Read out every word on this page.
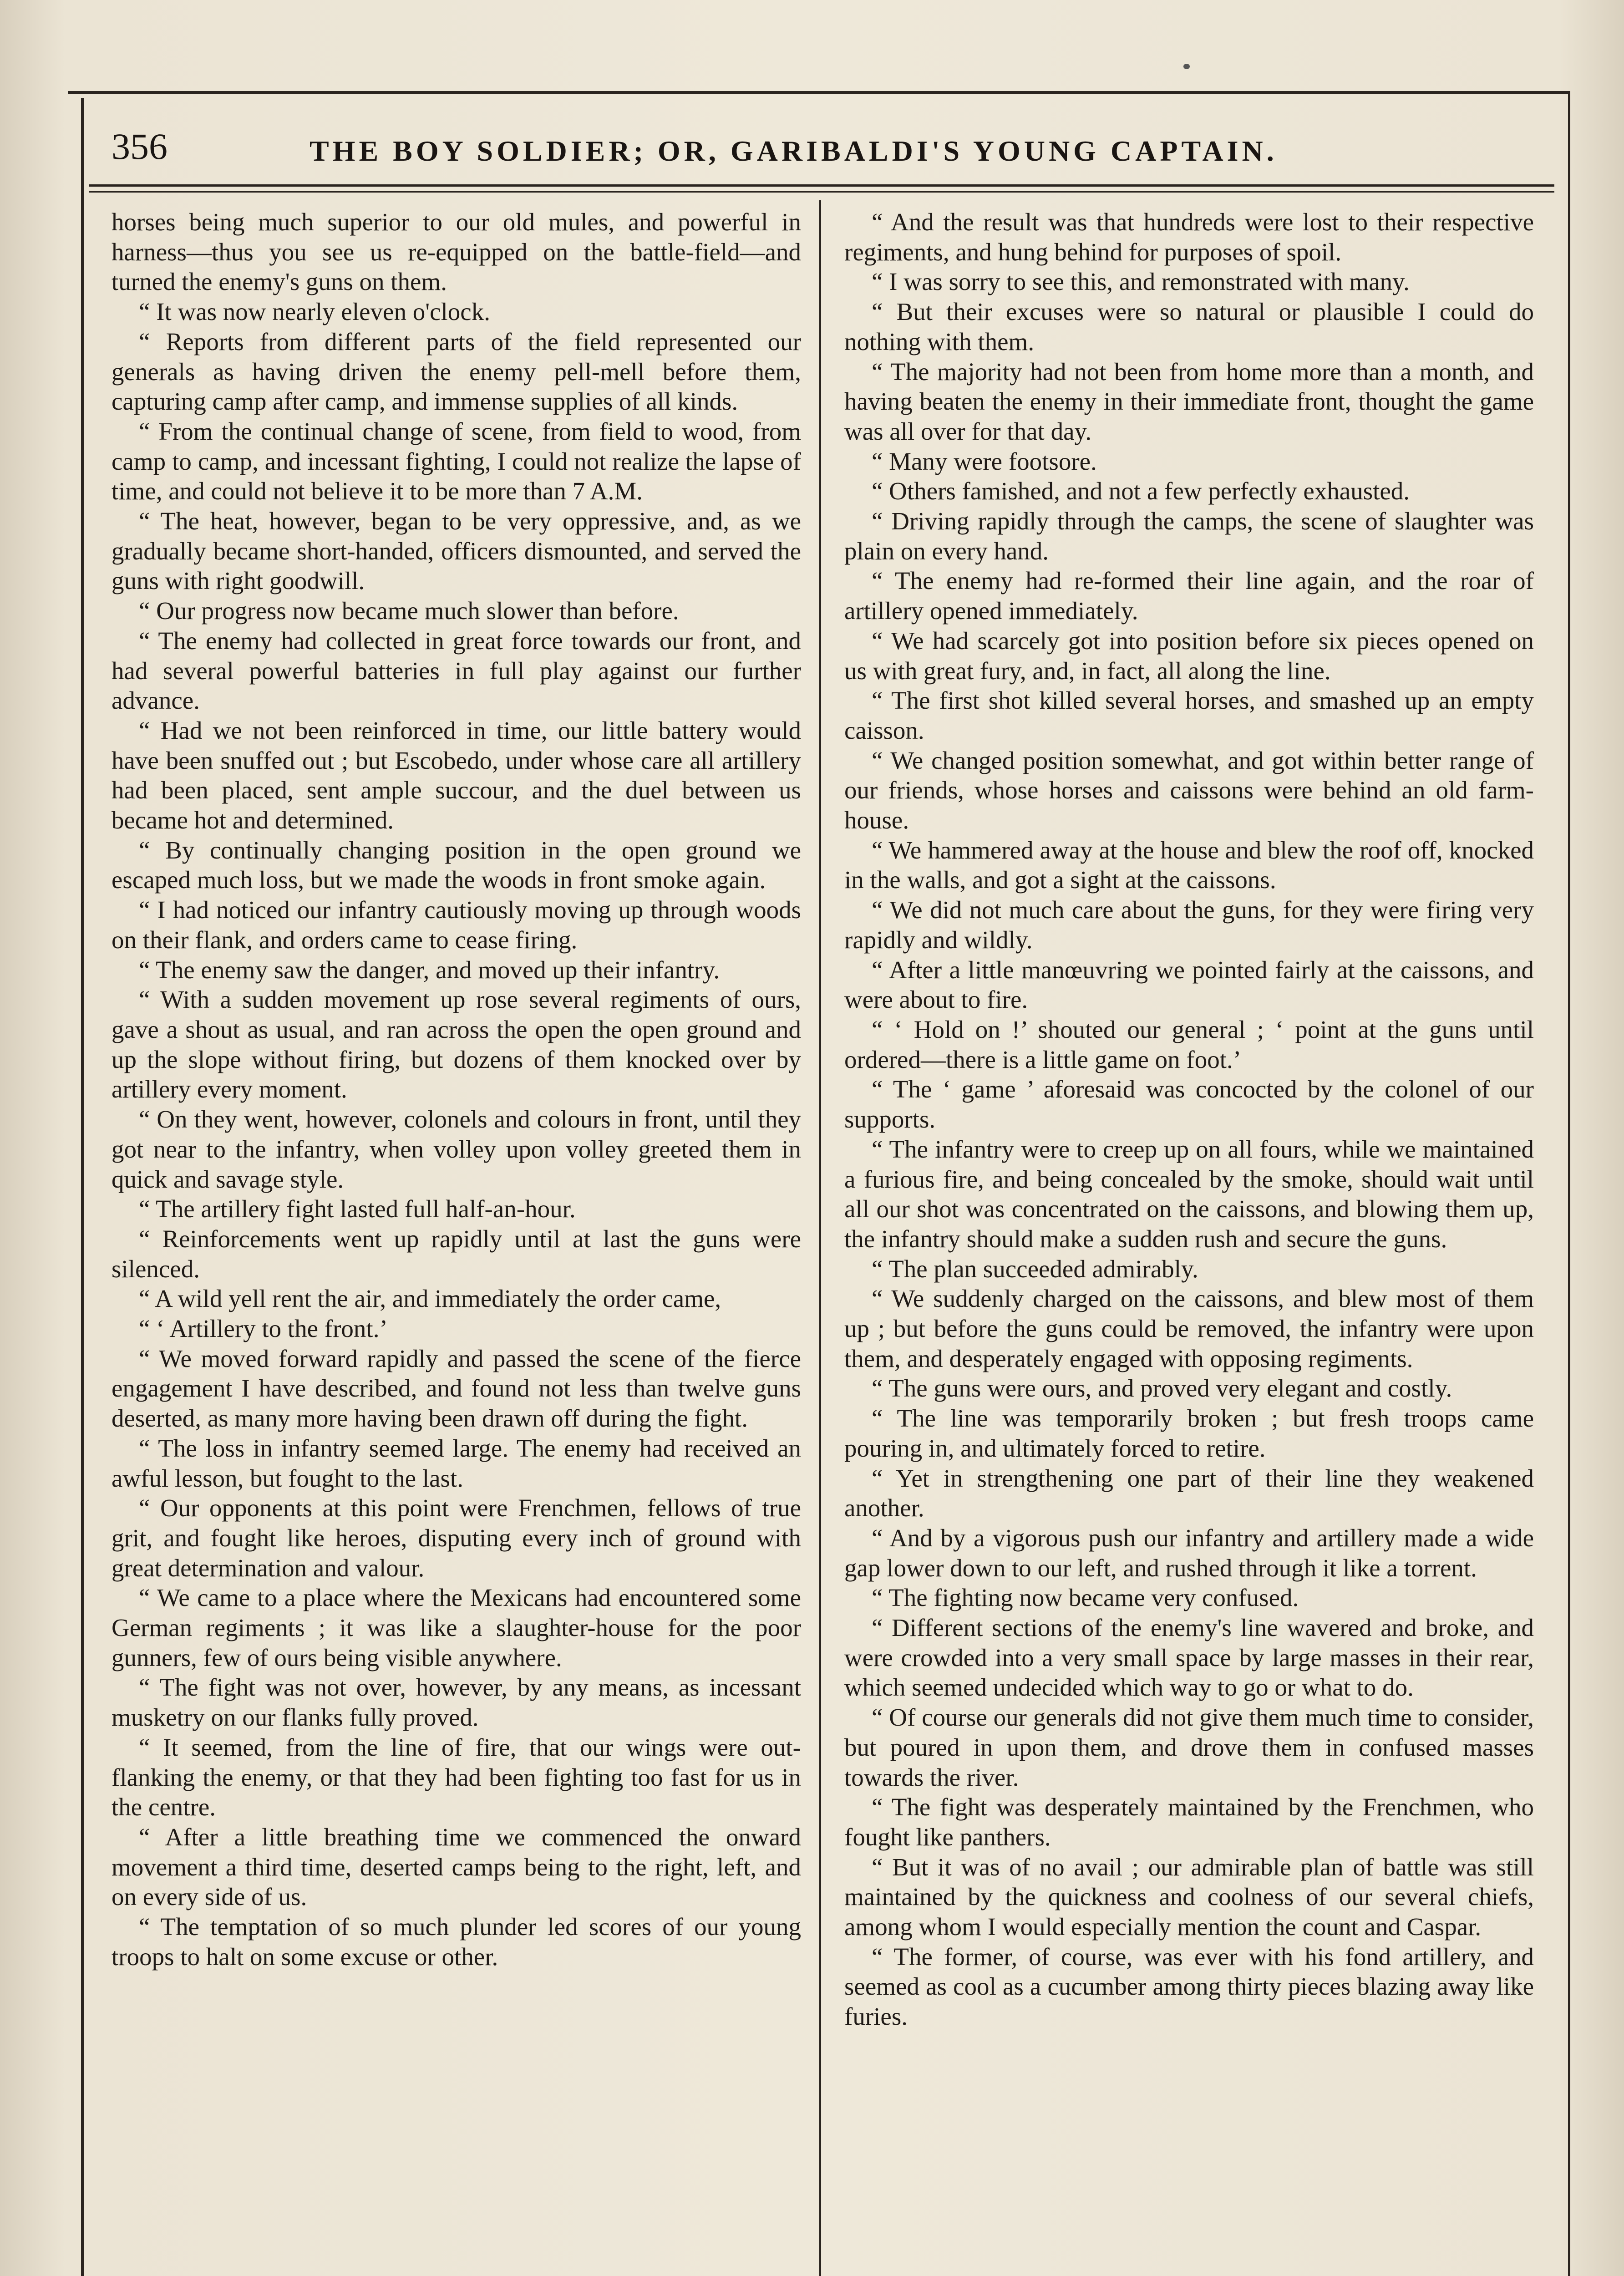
356	THE BOY SOLDIER; OR, GARIBALDI'S YOUNG CAPTAIN.

horses being much superior to our old mules, and powerful in harness—thus you see us re-equipped on the battle-field—and turned the enemy's guns on them.

“ It was now nearly eleven o'clock.

“ Reports from different parts of the field represented our generals as having driven the enemy pell-mell before them, capturing camp after camp, and immense supplies of all kinds.

“ From the continual change of scene, from field to wood, from camp to camp, and incessant fighting, I could not realize the lapse of time, and could not believe it to be more than 7 A.M.

“ The heat, however, began to be very oppressive, and, as we gradually became short-handed, officers dismounted, and served the guns with right goodwill.

“ Our progress now became much slower than before.

“ The enemy had collected in great force towards our front, and had several powerful batteries in full play against our further advance.

“ Had we not been reinforced in time, our little battery would have been snuffed out ; but Escobedo, under whose care all artillery had been placed, sent ample succour, and the duel between us became hot and determined.

“ By continually changing position in the open ground we escaped much loss, but we made the woods in front smoke again.

“ I had noticed our infantry cautiously moving up through woods on their flank, and orders came to cease firing.

“ The enemy saw the danger, and moved up their infantry.

“ With a sudden movement up rose several regiments of ours, gave a shout as usual, and ran across the open the open ground and up the slope without firing, but dozens of them knocked over by artillery every moment.

“ On they went, however, colonels and colours in front, until they got near to the infantry, when volley upon volley greeted them in quick and savage style.

“ The artillery fight lasted full half-an-hour.

“ Reinforcements went up rapidly until at last the guns were silenced.

“ A wild yell rent the air, and immediately the order came,

“ ‘ Artillery to the front.’

“ We moved forward rapidly and passed the scene of the fierce engagement I have described, and found not less than twelve guns deserted, as many more having been drawn off during the fight.

“ The loss in infantry seemed large. The enemy had received an awful lesson, but fought to the last.

“ Our opponents at this point were Frenchmen, fellows of true grit, and fought like heroes, disputing every inch of ground with great determination and valour.

“ We came to a place where the Mexicans had encountered some German regiments ; it was like a slaughter-house for the poor gunners, few of ours being visible anywhere.

“ The fight was not over, however, by any means, as incessant musketry on our flanks fully proved.

“ It seemed, from the line of fire, that our wings were out-flanking the enemy, or that they had been fighting too fast for us in the centre.

“ After a little breathing time we commenced the onward movement a third time, deserted camps being to the right, left, and on every side of us.

“ The temptation of so much plunder led scores of our young troops to halt on some excuse or other.

“ And the result was that hundreds were lost to their respective regiments, and hung behind for purposes of spoil.

“ I was sorry to see this, and remonstrated with many.

“ But their excuses were so natural or plausible I could do nothing with them.

“ The majority had not been from home more than a month, and having beaten the enemy in their immediate front, thought the game was all over for that day.

“ Many were footsore.

“ Others famished, and not a few perfectly exhausted.

“ Driving rapidly through the camps, the scene of slaughter was plain on every hand.

“ The enemy had re-formed their line again, and the roar of artillery opened immediately.

“ We had scarcely got into position before six pieces opened on us with great fury, and, in fact, all along the line.

“ The first shot killed several horses, and smashed up an empty caisson.

“ We changed position somewhat, and got within better range of our friends, whose horses and caissons were behind an old farm-house.

“ We hammered away at the house and blew the roof off, knocked in the walls, and got a sight at the caissons.

“ We did not much care about the guns, for they were firing very rapidly and wildly.

“ After a little manœuvring we pointed fairly at the caissons, and were about to fire.

“ ‘ Hold on !’ shouted our general ; ‘ point at the guns until ordered—there is a little game on foot.’

“ The ‘ game ’ aforesaid was concocted by the colonel of our supports.

“ The infantry were to creep up on all fours, while we maintained a furious fire, and being concealed by the smoke, should wait until all our shot was concentrated on the caissons, and blowing them up, the infantry should make a sudden rush and secure the guns.

“ The plan succeeded admirably.

“ We suddenly charged on the caissons, and blew most of them up ; but before the guns could be removed, the infantry were upon them, and desperately engaged with opposing regiments.

“ The guns were ours, and proved very elegant and costly.

“ The line was temporarily broken ; but fresh troops came pouring in, and ultimately forced to retire.

“ Yet in strengthening one part of their line they weakened another.

“ And by a vigorous push our infantry and artillery made a wide gap lower down to our left, and rushed through it like a torrent.

“ The fighting now became very confused.

“ Different sections of the enemy's line wavered and broke, and were crowded into a very small space by large masses in their rear, which seemed undecided which way to go or what to do.

“ Of course our generals did not give them much time to consider, but poured in upon them, and drove them in confused masses towards the river.

“ The fight was desperately maintained by the Frenchmen, who fought like panthers.

“ But it was of no avail ; our admirable plan of battle was still maintained by the quickness and coolness of our several chiefs, among whom I would especially mention the count and Caspar.

“ The former, of course, was ever with his fond artillery, and seemed as cool as a cucumber among thirty pieces blazing away like furies.
